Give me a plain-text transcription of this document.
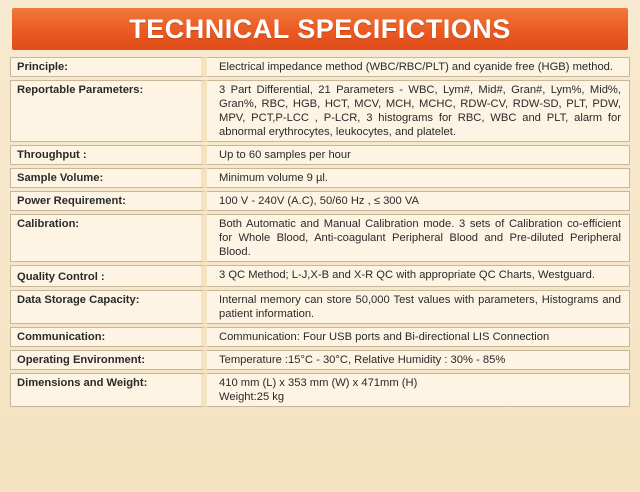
TECHNICAL SPECIFICTIONS
Principle:	Electrical impedance method (WBC/RBC/PLT) and cyanide free (HGB) method.

Reportable Parameters:	3 Part Differential, 21 Parameters - WBC, Lym#, Mid#, Gran#, Lym%, Mid%, Gran%, RBC, HGB, HCT, MCV, MCH, MCHC, RDW-CV, RDW-SD, PLT, PDW, MPV, PCT,P-LCC , P-LCR, 3 histograms for RBC, WBC and PLT, alarm for abnormal erythrocytes, leukocytes, and platelet.

Throughput :	Up to 60 samples per hour

Sample Volume:	Minimum volume 9 µl.

Power Requirement:	100 V - 240V (A.C), 50/60 Hz , ≤ 300 VA

Calibration:	Both Automatic and Manual Calibration mode. 3 sets of Calibration co-efficient for Whole Blood, Anti-coagulant Peripheral Blood and Pre-diluted Peripheral Blood.

Quality Control :	3 QC Method; L-J,X-B and X-R QC with appropriate QC Charts, Westguard.

Data Storage Capacity:	Internal memory can store 50,000 Test values with parameters, Histograms and patient information.

Communication:	Communication: Four USB ports and Bi-directional LIS Connection

Operating Environment:	Temperature :15°C - 30°C, Relative Humidity : 30% - 85%

Dimensions and Weight:	410 mm (L) x 353 mm (W) x 471mm (H)
Weight:25 kg
